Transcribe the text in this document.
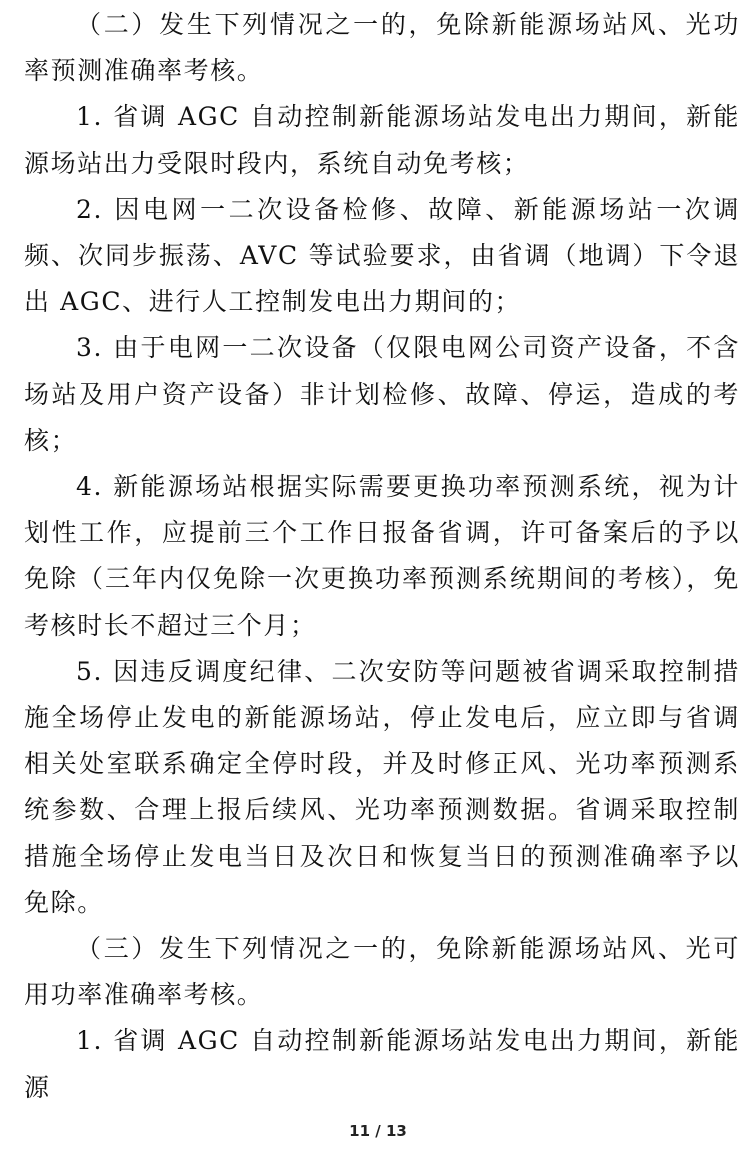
（二）发生下列情况之一的，免除新能源场站风、光功率预测准确率考核。

1. 省调 AGC 自动控制新能源场站发电出力期间，新能源场站出力受限时段内，系统自动免考核；

2. 因电网一二次设备检修、故障、新能源场站一次调频、次同步振荡、AVC 等试验要求，由省调（地调）下令退出 AGC、进行人工控制发电出力期间的；

3. 由于电网一二次设备（仅限电网公司资产设备，不含场站及用户资产设备）非计划检修、故障、停运，造成的考核；

4. 新能源场站根据实际需要更换功率预测系统，视为计划性工作，应提前三个工作日报备省调，许可备案后的予以免除（三年内仅免除一次更换功率预测系统期间的考核），免考核时长不超过三个月；

5. 因违反调度纪律、二次安防等问题被省调采取控制措施全场停止发电的新能源场站，停止发电后，应立即与省调相关处室联系确定全停时段，并及时修正风、光功率预测系统参数、合理上报后续风、光功率预测数据。省调采取控制措施全场停止发电当日及次日和恢复当日的预测准确率予以免除。

（三）发生下列情况之一的，免除新能源场站风、光可用功率准确率考核。

1. 省调 AGC 自动控制新能源场站发电出力期间，新能源

11 / 13
